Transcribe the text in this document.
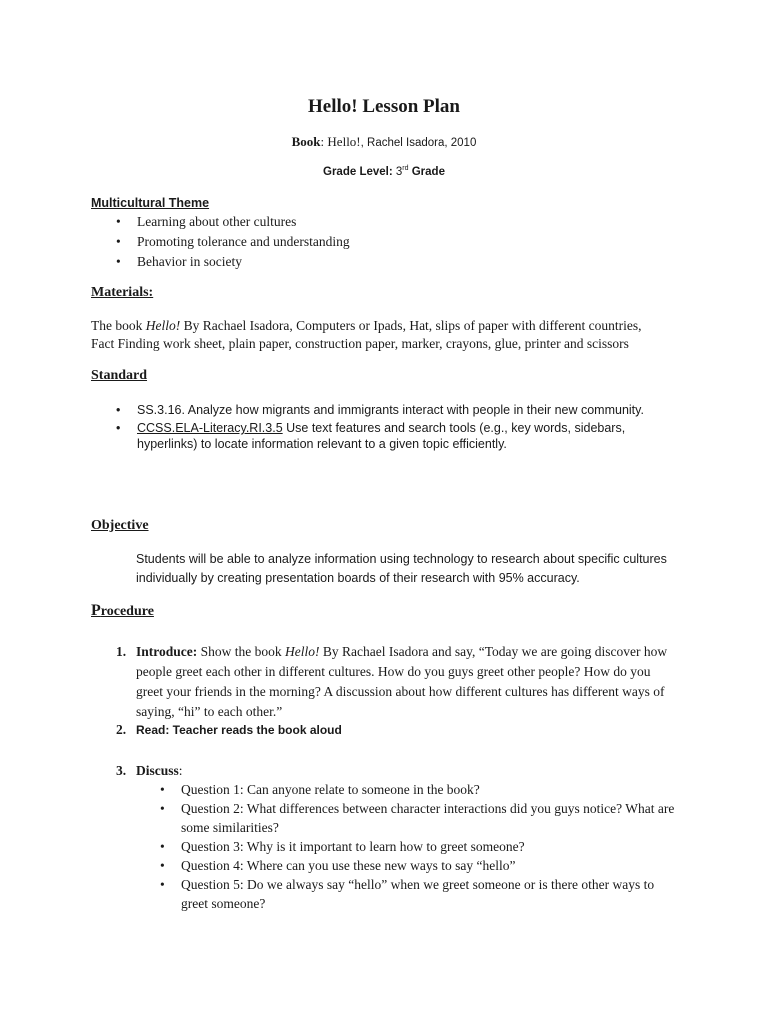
Hello! Lesson Plan
Book: Hello!, Rachel Isadora, 2010
Grade Level: 3rd Grade
Multicultural Theme
• Learning about other cultures
• Promoting tolerance and understanding
• Behavior in society
Materials:
The book Hello! By Rachael Isadora, Computers or Ipads, Hat, slips of paper with different countries,
Fact Finding work sheet, plain paper, construction paper, marker, crayons, glue, printer and scissors
Standard
• SS.3.16. Analyze how migrants and immigrants interact with people in their new community.
• CCSS.ELA-Literacy.RI.3.5 Use text features and search tools (e.g., key words, sidebars, hyperlinks) to locate information relevant to a given topic efficiently.
Objective
Students will be able to analyze information using technology to research about specific cultures individually by creating presentation boards of their research with 95% accuracy.
Procedure
1. Introduce: Show the book Hello! By Rachael Isadora and say, “Today we are going discover how people greet each other in different cultures. How do you guys greet other people? How do you greet your friends in the morning? A discussion about how different cultures has different ways of saying, “hi” to each other.”
2. Read: Teacher reads the book aloud
3. Discuss:
• Question 1: Can anyone relate to someone in the book?
• Question 2: What differences between character interactions did you guys notice? What are some similarities?
• Question 3: Why is it important to learn how to greet someone?
• Question 4: Where can you use these new ways to say “hello”
• Question 5: Do we always say “hello” when we greet someone or is there other ways to greet someone?
